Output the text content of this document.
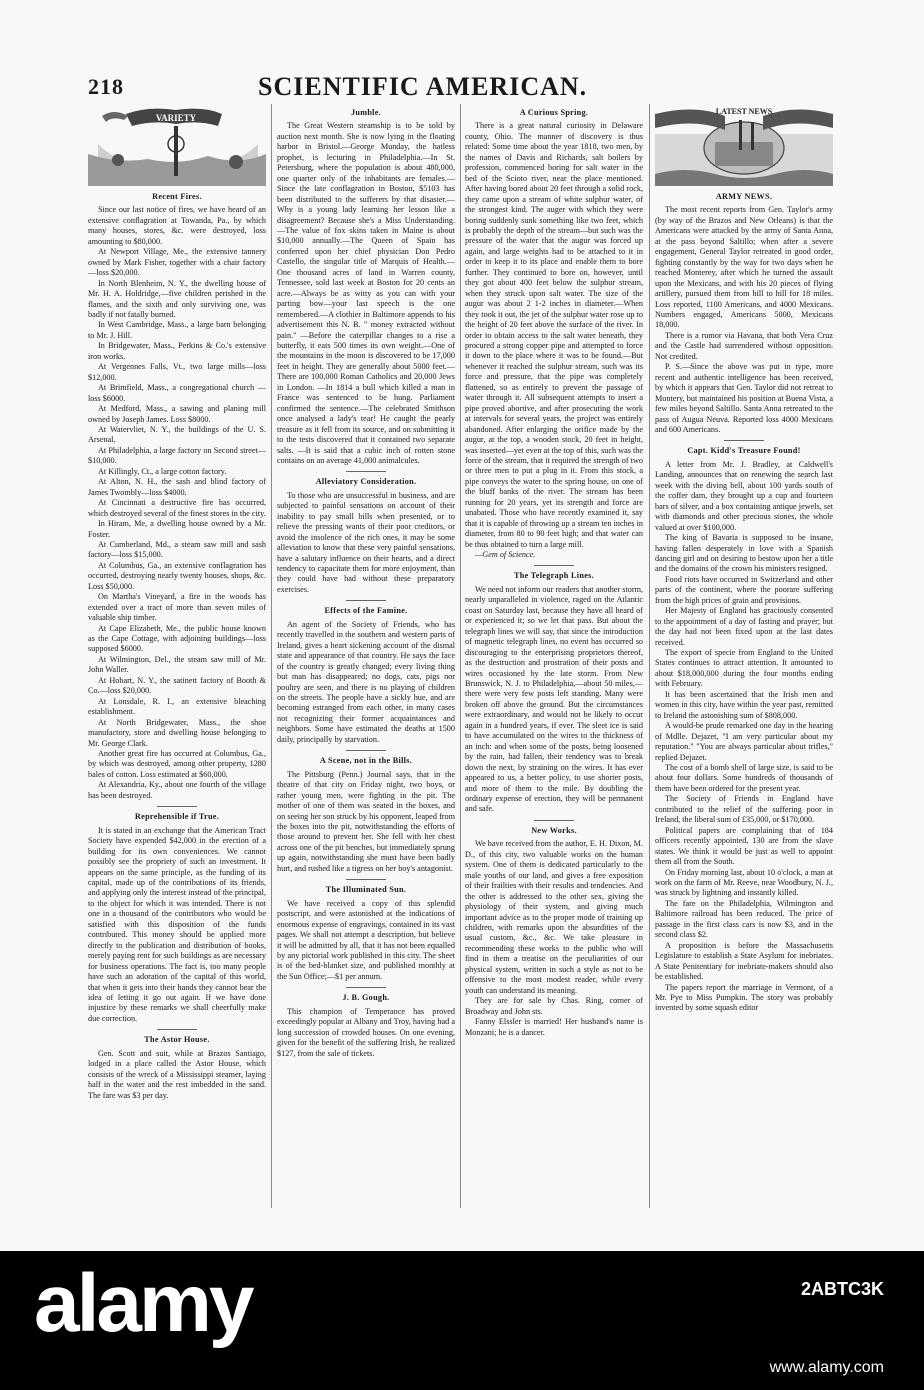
218	SCIENTIFIC AMERICAN.
VARIETY
Recent Fires.

Since our last notice of fires, we have heard of an extensive conflagration at Towanda, Pa., by which many houses, stores, &c. were destroyed, loss amounting to $80,000.

At Newport Village, Me., the extensive tannery owned by Mark Fisher, together with a chair factory—loss $20,000.

In North Blenheim, N. Y., the dwelling house of Mr. H. A. Holdridge,—five children perished in the flames, and the sixth and only surviving one, was badly if not fatally burned.

In West Cambridge, Mass., a large barn belonging to Mr. J. Hill.

In Bridgewater, Mass., Perkins & Co.'s extensive iron works.

At Vergennes Falls, Vt., two large mills—loss $12,000.

At Brimfield, Mass., a congregational church —loss $6000.

At Medford, Mass., a sawing and planing mill owned by Joseph James. Loss $8000.

At Watervliet, N. Y., the buildings of the U. S. Arsenal.

At Philadelphia, a large factory on Second street—$10,000.

At Killingly, Ct., a large cotton factory.

At Alton, N. H., the sash and blind factory of James Twombly—loss $4000.

At Cincinnati a destructive fire has occurred, which destroyed several of the finest stores in the city.

In Hiram, Me, a dwelling house owned by a Mr. Foster.

At Cumberland, Md., a steam saw mill and sash factory—loss $15,000.

At Columbus, Ga., an extensive conflagration has occurred, destroying nearly twenty houses, shops, &c. Loss $50,000.

On Martha's Vineyard, a fire in the woods has extended over a tract of more than seven miles of valuable ship timber.

At Cape Elizabeth, Me., the public house known as the Cape Cottage, with adjoining buildings—loss supposed $6000.

At Wilmington, Del., the steam saw mill of Mr. John Waller.

At Hobart, N. Y., the satinett factory of Booth & Co.—loss $20,000.

At Lonsdale, R. I., an extensive bleaching establishment.

At North Bridgewater, Mass., the shoe manufactory, store and dwelling house belonging to Mr. George Clark.

Another great fire has occurred at Columbus, Ga., by which was destroyed, among other property, 1280 bales of cotton. Loss estimated at $60,000.

At Alexandria, Ky., about one fourth of the village has been destroyed.

Reprehensible if True.

It is stated in an exchange that the American Tract Society have expended $42,000 in the erection of a building for its own conveniences. We cannot possibly see the propriety of such an investment. It appears on the same principle, as the funding of its capital, made up of the contributions of its friends, and applying only the interest instead of the principal, to the object for which it was intended. There is not one in a thousand of the contributors who would be satisfied with this disposition of the funds contributed. This money should be applied more directly to the publication and distribution of books, merely paying rent for such buildings as are necessary for business operations. The fact is, too many people have such an adoration of the capital of this world, that when it gets into their hands they cannot bear the idea of letting it go out again. If we have done injustice by these remarks we shall cheerfully make due correction.

The Astor House.

Gen. Scott and suit, while at Brazos Santiago, lodged in a place called the Astor House, which consists of the wreck of a Mississippi steamer, laying half in the water and the rest imbedded in the sand. The fare was $3 per day.

Jumble.

The Great Western steamship is to be sold by auction next month. She is now lying in the floating harbor in Bristol.—George Munday, the hatless prophet, is lecturing in Philadelphia.—In St. Petersburg, where the population is about 480,000, one quarter only of the inhabitants are females.—Since the late conflagration in Boston, $5103 has been distributed to the sufferers by that disaster.—Why is a young lady learning her lesson like a disagreement? Because she's a Miss Understanding.—The value of fox skins taken in Maine is about $10,000 annually.—The Queen of Spain has conferred upon her chief physician Don Pedro Castello, the singular title of Marquis of Health.—One thousand acres of land in Warren county, Tennessee, sold last week at Boston for 20 cents an acre.—Always be as witty as you can with your parting bow—your last speech is the one remembered.—A clothier in Baltimore appends to his advertisement this N. B. " money extracted without pain." —Before the caterpillar changes to a rise a butterfly, it eats 500 times its own weight.—One of the mountains in the moon is discovered to be 17,000 feet in height. They are generally about 5000 feet.—There are 100,000 Roman Catholics and 20,000 Jews in London. —In 1814 a bull which killed a man in France was sentenced to be hung. Parliament confirmed the sentence.—The celebrated Smithson once analysed a lady's tear! He caught the pearly treasure as it fell from its source, and on submitting it to the tests discovered that it contained two separate salts. —It is said that a cubic inch of rotten stone contains on an average 41,000 animalcules.

Alleviatory Consideration.

To those who are unsuccessful in business, and are subjected to painful sensations on account of their inability to pay small bills when presented, or to relieve the pressing wants of their poor creditors, or avoid the insolence of the rich ones, it may be some alleviation to know that these very painful sensations, have a salutary influence on their hearts, and a direct tendency to capacitate them for more enjoyment, than they could have had without these preparatory exercises.

Effects of the Famine.

An agent of the Society of Friends, who has recently travelled in the southern and western parts of Ireland, gives a heart sickening account of the dismal state and appearance of that country. He says the face of the country is greatly changed; every living thing but man has disappeared; no dogs, cats, pigs nor poultry are seen, and there is no playing of children on the streets. The people have a sickly hue, and are becoming estranged from each other, in many cases not recognizing their former acquaintances and neighbors. Some have estimated the deaths at 1500 daily, principally by starvation.

A Scene, not in the Bills.

The Pittsburg (Penn.) Journal says, that in the theatre of that city on Friday night, two boys, or rather young men, were fighting in the pit. The mother of one of them was seated in the boxes, and on seeing her son struck by his opponent, leaped from the boxes into the pit, notwithstanding the efforts of those around to prevent her. She fell with her chest across one of the pit benches, but immediately sprung up again, notwithstanding she must have been badly hurt, and rushed like a tigress on her boy's antagonist.

The Illuminated Sun.

We have received a copy of this splendid postscript, and were astonished at the indications of enormous expense of engravings, contained in its vast pages. We shall not attempt a description, but believe it will be admitted by all, that it has not been equalled by any pictorial work published in this city. The sheet is of the bed-blanket size, and published monthly at the Sun Office;—$1 per annum.

J. B. Gough.

This champion of Temperance has proved exceedingly popular at Albany and Troy, having had a long succession of crowded houses. On one evening, given for the benefit of the suffering Irish, he realized $127, from the sale of tickets.

A Curious Spring.

There is a great natural curiosity in Delaware county, Ohio. The manner of discovery is thus related: Some time about the year 1818, two men, by the names of Davis and Richards, salt boilers by profession, commenced boring for salt water in the bed of the Scioto river, near the place mentioned. After having bored about 20 feet through a solid rock, they came upon a stream of white sulphur water, of the strongest kind. The auger with which they were boring suddenly sunk something like two feet, which is probably the depth of the stream—but such was the pressure of the water that the augur was forced up again, and large weights had to be attached to it in order to keep it to its place and enable them to bore further. They continued to bore on, however, until they got about 400 feet below the sulphur stream, when they struck upon salt water. The size of the augur was about 2 1-2 inches in diameter.—When they took it out, the jet of the sulphur water rose up to the height of 20 feet above the surface of the river. In order to obtain access to the salt water beneath, they procured a strong copper pipe and attempted to force it down to the place where it was to be found.—But whenever it reached the sulphur stream, such was its force and pressure, that the pipe was completely flattened, so as entirely to prevent the passage of water through it. All subsequent attempts to insert a pipe proved abortive, and after prosecuting the work at intervals for several years, the project was entirely abandoned. After enlarging the orifice made by the augur, at the top, a wooden stock, 20 feet in height, was inserted—yet even at the top of this, such was the force of the stream, that it required the strength of two or three men to put a plug in it. From this stock, a pipe conveys the water to the spring house, on one of the bluff banks of the river. The stream has been running for 20 years, yet its strength and force are unabated. Those who have recently examined it, say that it is capable of throwing up a stream ten inches in diameter, from 80 to 90 feet high; and that water can be thus obtained to turn a large mill.

—Gem of Science.

The Telegraph Lines.

We need not inform our readers that another storm, nearly unparalleled in violence, raged on the Atlantic coast on Saturday last, because they have all heard of or experienced it; so we let that pass. But about the telegraph lines we will say, that since the introduction of magnetic telegraph lines, no event has occurred so discouraging to the enterprising proprietors thereof, as the destruction and prostration of their posts and wires occasioned by the late storm. From New Brunswick, N. J. to Philadelphia,—about 50 miles,—there were very few posts left standing. Many were broken off above the ground. But the circumstances were extraordinary, and would not be likely to occur again in a hundred years, if ever. The sleet ice is said to have accumulated on the wires to the thickness of an inch: and when some of the posts, being loosened by the rain, had fallen, their tendency was to break down the next, by straining on the wires. It has ever appeared to us, a better policy, to use shorter posts, and more of them to the mile. By doubling the ordinary expense of erection, they will be permanent and safe.

New Works.

We have received from the author, E. H. Dixon, M. D., of this city, two valuable works on the human system. One of them is dedicated particularly to the male youths of our land, and gives a free exposition of their frailties with their results and tendencies. And the other is addressed to the other sex, giving the physiology of their system, and giving much important advice as to the proper mode of training up children, with remarks upon the absurdities of the usual custom, &c., &c. We take pleasure in recommending these works to the public who will find in them a treatise on the peculiarities of our physical system, written in such a style as not to be offensive to the most modest reader, while every youth can understand its meaning.

They are for sale by Chas. Ring, corner of Broadway and John sts.

Fanny Elssler is married! Her husband's name is Monzani; he is a dancer.

LATEST NEWS
ARMY NEWS.

The most recent reports from Gen. Taylor's army (by way of the Brazos and New Orleans) is that the Americans were attacked by the army of Santa Anna, at the pass beyond Saltillo; when after a severe engagement, General Taylor retreated in good order, fighting constantly by the way for two days when he reached Monterey, after which he turned the assault upon the Mexicans, and with his 20 pieces of flying artillery, pursued them from hill to hill for 18 miles. Loss reported, 1100 Americans, and 4000 Mexicans. Numbers engaged, Americans 5000, Mexicans 18,000.

There is a rumor via Havana, that both Vera Cruz and the Castle had surrendered without opposition. Not credited.

P. S.—Since the above was put in type, more recent and authentic intelligence has been received, by which it appears that Gen. Taylor did not retreat to Montery, but maintained his position at Buena Vista, a few miles beyond Saltillo. Santa Anna retreated to the pass of Augua Neuva. Reported loss 4000 Mexicans and 600 Americans.

Capt. Kidd's Treasure Found!

A letter from Mr. J. Bradley, at Caldwell's Landing, announces that on renewing the search last week with the diving bell, about 100 yards south of the coffer dam, they brought up a cup and fourteen bars of silver, and a box containing antique jewels, set with diamonds and other precious stones, the whole valued at over $100,000.

The king of Bavaria is supposed to be insane, having fallen desperately in love with a Spanish dancing girl and on desiring to bestow upon her a title and the domains of the crown his ministers resigned.

Food riots have occurred in Switzerland and other parts of the continent, where the poorare suffering from the high prices of grain and provisions.

Her Majesty of England has graciously consented to the appointment of a day of fasting and prayer; but the day had not been fixed upon at the last dates received.

The export of specie from England to the United States continues to attract attention. It amounted to about $18,000,000 during the four months ending with February.

It has been ascertained that the Irish men and women in this city, have within the year past, remitted to Ireland the astonishing sum of $808,000.

A would-be prude remarked one day in the hearing of Mdlle. Dejazet, "I am very particular about my reputation." "You are always particular about trifles," replied Dejazet.

The cost of a bomb shell of large size, is said to be about four dollars. Some hundreds of thousands of them have been ordered for the present year.

The Society of Friends in England have contributed to the relief of the suffering poor in Ireland, the liberal sum of £35,000, or $170,000.

Political papers are complaining that of 184 officers recently appointed, 130 are from the slave states. We think it would be just as well to appoint them all from the South.

On Friday morning last, about 10 o'clock, a man at work on the farm of Mr. Reeve, near Woodbury, N. J., was struck by lightning and instantly killed.

The fare on the Philadelphia, Wilmington and Baltimore railroad has been reduced. The price of passage in the first class cars is now $3, and in the second class $2.

A proposition is before the Massachusetts Legislature to establish a State Asylum for inebriates. A State Penitentiary for inebriate-makers should also be established.

The papers report the marriage in Vermont, of a Mr. Pye to Miss Pumpkin. The story was probably invented by some squash editor

alamy	2ABTC3K
www.alamy.com
